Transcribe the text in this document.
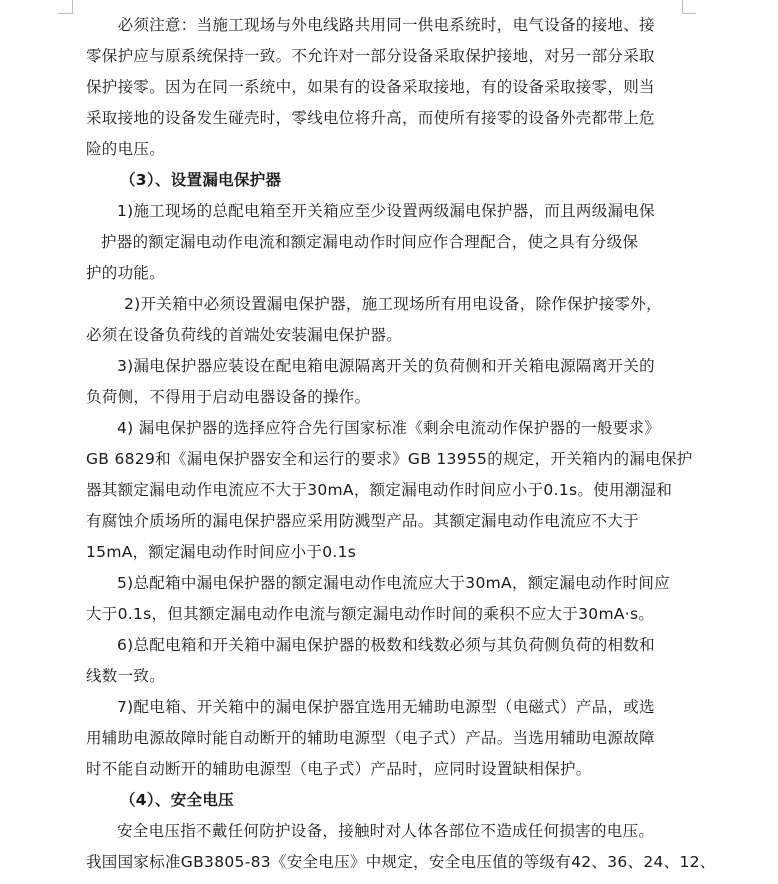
　　必须注意：当施工现场与外电线路共用同一供电系统时，电气设备的接地、接
零保护应与原系统保持一致。不允许对一部分设备采取保护接地，对另一部分采取
保护接零。因为在同一系统中，如果有的设备采取接地，有的设备采取接零，则当
采取接地的设备发生碰壳时，零线电位将升高，而使所有接零的设备外壳都带上危
险的电压。
（3）、设置漏电保护器
1)施工现场的总配电箱至开关箱应至少设置两级漏电保护器，而且两级漏电保
护器的额定漏电动作电流和额定漏电动作时间应作合理配合，使之具有分级保
护的功能。
2)开关箱中必须设置漏电保护器，施工现场所有用电设备，除作保护接零外，
必须在设备负荷线的首端处安装漏电保护器。
3)漏电保护器应装设在配电箱电源隔离开关的负荷侧和开关箱电源隔离开关的
负荷侧，不得用于启动电器设备的操作。
4) 漏电保护器的选择应符合先行国家标准《剩余电流动作保护器的一般要求》
GB 6829和《漏电保护器安全和运行的要求》GB 13955的规定，开关箱内的漏电保护
器其额定漏电动作电流应不大于30mA，额定漏电动作时间应小于0.1s。使用潮湿和
有腐蚀介质场所的漏电保护器应采用防溅型产品。其额定漏电动作电流应不大于
15mA，额定漏电动作时间应小于0.1s
5)总配箱中漏电保护器的额定漏电动作电流应大于30mA，额定漏电动作时间应
大于0.1s，但其额定漏电动作电流与额定漏电动作时间的乘积不应大于30mA·s。
6)总配电箱和开关箱中漏电保护器的极数和线数必须与其负荷侧负荷的相数和
线数一致。
7)配电箱、开关箱中的漏电保护器宜选用无辅助电源型（电磁式）产品，或选
用辅助电源故障时能自动断开的辅助电源型（电子式）产品。当选用辅助电源故障
时不能自动断开的辅助电源型（电子式）产品时，应同时设置缺相保护。
（4）、安全电压
安全电压指不戴任何防护设备，接触时对人体各部位不造成任何损害的电压。
我国国家标准GB3805-83《安全电压》中规定，安全电压值的等级有42、36、24、12、
